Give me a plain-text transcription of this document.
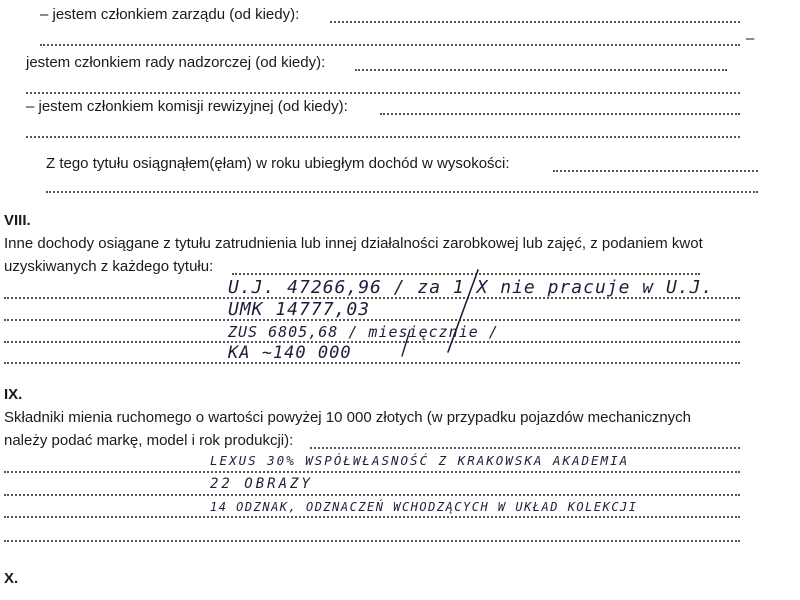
– jestem członkiem zarządu (od kiedy):
–
jestem członkiem rady nadzorczej (od kiedy):
– jestem członkiem komisji rewizyjnej (od kiedy):
Z tego tytułu osiągnąłem(ęłam) w roku ubiegłym dochód w wysokości:
VIII.
Inne dochody osiągane z tytułu zatrudnienia lub innej działalności zarobkowej lub zajęć, z podaniem kwot
uzyskiwanych z każdego tytułu:
U.J. 47266,96 / za 1 X nie pracuje w U.J.
UMK 14777,03
ZUS 6805,68 / miesięcznie /
KA ~140 000
IX.
Składniki mienia ruchomego o wartości powyżej 10 000 złotych (w przypadku pojazdów mechanicznych
należy podać markę, model i rok produkcji):
LEXUS 30% WSPÓŁWŁASNOŚĆ Z KRAKOWSKA AKADEMIA
22 OBRAZY
14 ODZNAK, ODZNACZEŃ WCHODZĄCYCH W UKŁAD KOLEKCJI
X.
